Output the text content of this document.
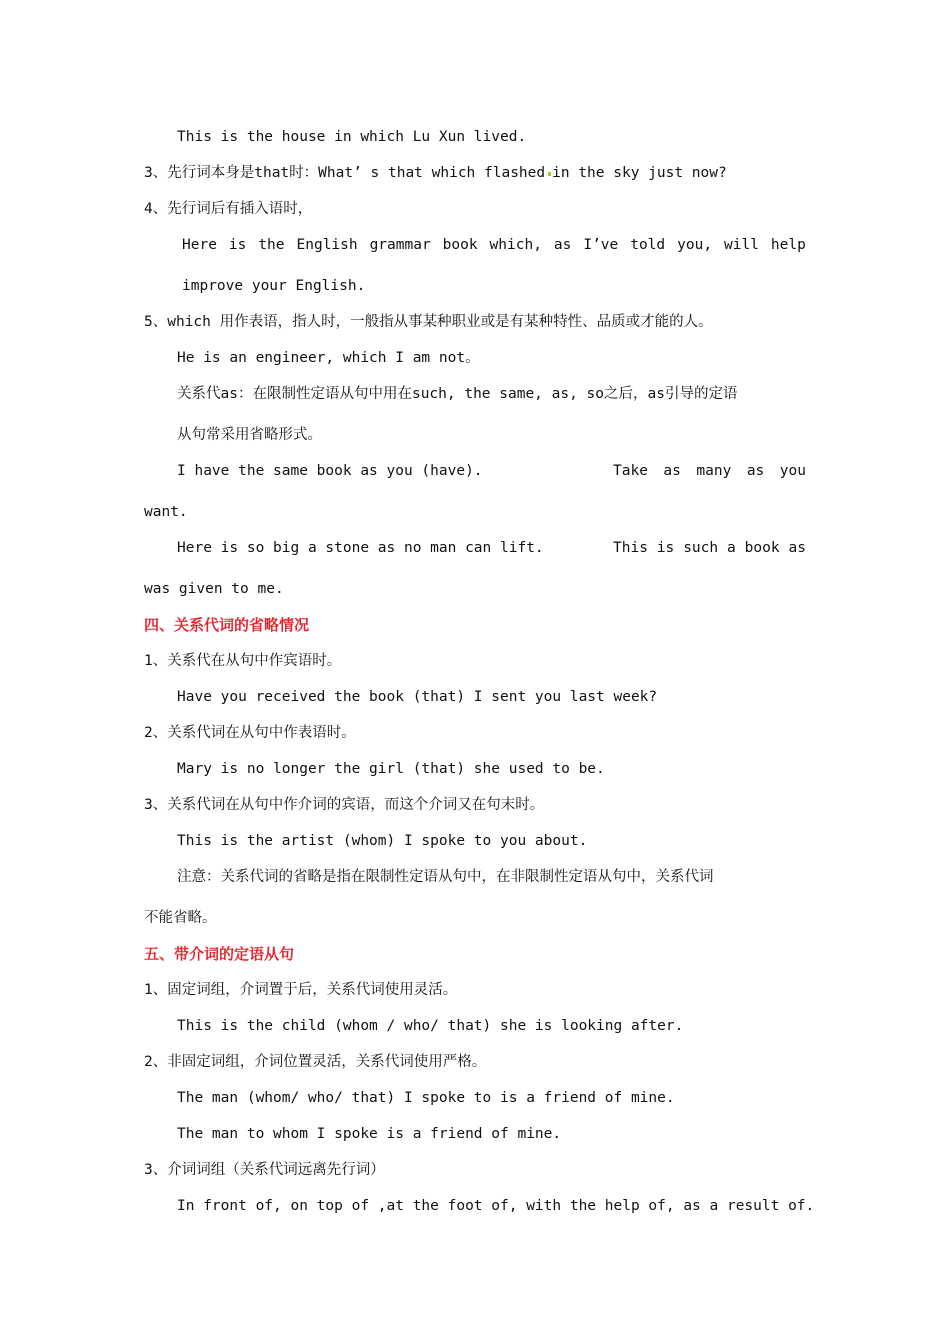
This is the house in which Lu Xun lived.
3、先行词本身是that时：What’ s that which flashed in the sky just now?
4、先行词后有插入语时，
Here is the English grammar book which, as I’ve told you, will help
improve your English.
5、which 用作表语，指人时，一般指从事某种职业或是有某种特性、品质或才能的人。
He is an engineer, which I am not。
关系代as：在限制性定语从句中用在such, the same, as, so之后，as引导的定语
从句常采用省略形式。
I have the same book as you (have).	Take as many as you
want.
Here is so big a stone as no man can lift.	This is such a book as
was given to me.
四、关系代词的省略情况
1、关系代在从句中作宾语时。
Have you received the book (that) I sent you last week?
2、关系代词在从句中作表语时。
Mary is no longer the girl (that) she used to be.
3、关系代词在从句中作介词的宾语，而这个介词又在句末时。
This is the artist (whom) I spoke to you about.
注意：关系代词的省略是指在限制性定语从句中，在非限制性定语从句中，关系代词
不能省略。
五、带介词的定语从句
1、固定词组，介词置于后，关系代词使用灵活。
This is the child (whom / who/ that) she is looking after.
2、非固定词组，介词位置灵活，关系代词使用严格。
The man (whom/ who/ that) I spoke to is a friend of mine.
The man to whom I spoke is a friend of mine.
3、介词词组（关系代词远离先行词）
In front of, on top of ,at the foot of, with the help of, as a result of.
